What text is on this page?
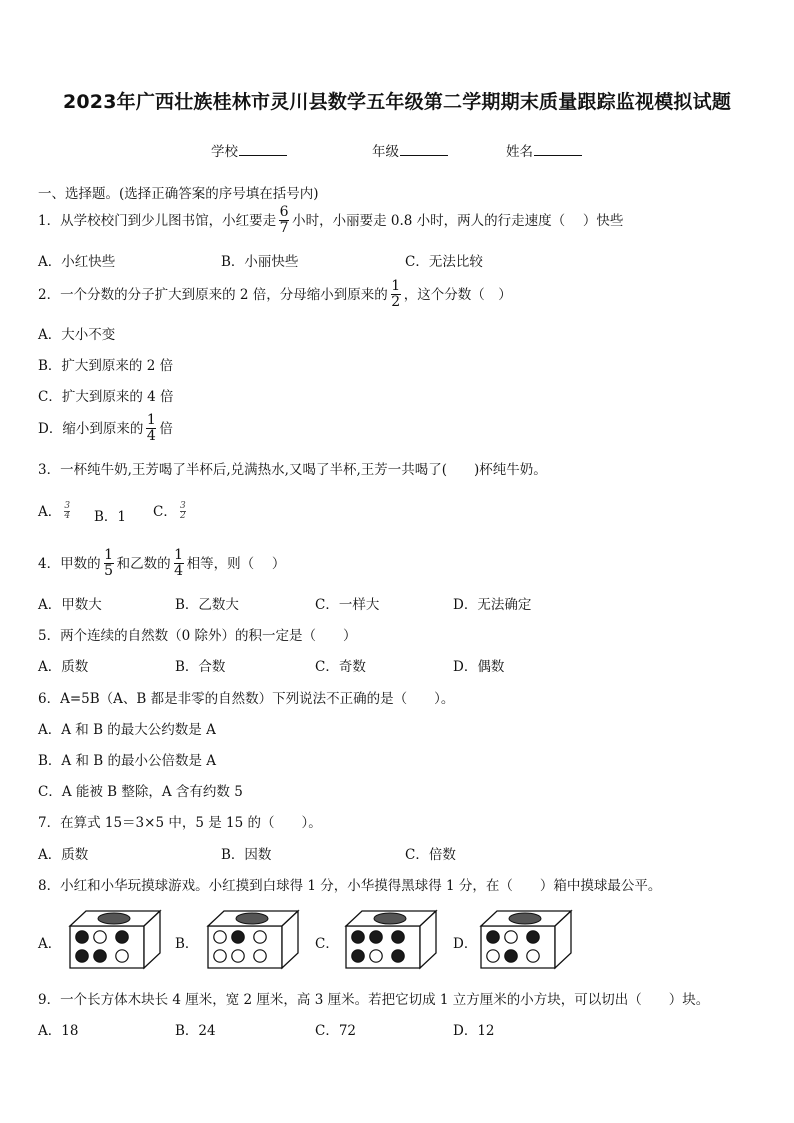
2023年广西壮族桂林市灵川县数学五年级第二学期期末质量跟踪监视模拟试题
学校	年级	姓名
一、选择题。(选择正确答案的序号填在括号内)
1．从学校校门到少儿图书馆，小红要走 $\frac{6}{7}$ 小时，小丽要走 0.8 小时，两人的行走速度（　 ）快些
A．小红快些	B．小丽快些	C．无法比较
2．一个分数的分子扩大到原来的 2 倍，分母缩小到原来的 $\frac{1}{2}$ ，这个分数（　）
A．大小不变
B．扩大到原来的 2 倍
C．扩大到原来的 4 倍
D．缩小到原来的 $\frac{1}{4}$ 倍
3．一杯纯牛奶,王芳喝了半杯后,兑满热水,又喝了半杯,王芳一共喝了(　　)杯纯牛奶。
A． $\frac{3}{4}$ B．1 C． $\frac{3}{2}$
4．甲数的 $\frac{1}{5}$ 和乙数的 $\frac{1}{4}$ 相等，则（　 ）
A．甲数大	B．乙数大	C．一样大	D．无法确定
5．两个连续的自然数（0 除外）的积一定是（　　）
A．质数	B．合数	C．奇数	D．偶数
6．A=5B（A、B 都是非零的自然数）下列说法不正确的是（　　）。
A．A 和 B 的最大公约数是 A
B．A 和 B 的最小公倍数是 A
C．A 能被 B 整除，A 含有约数 5
7．在算式 15＝3×5 中，5 是 15 的（　　）。
A．质数	B．因数	C．倍数
8．小红和小华玩摸球游戏。小红摸到白球得 1 分，小华摸得黑球得 1 分，在（　　）箱中摸球最公平。
A．	B．	C．	D．
9．一个长方体木块长 4 厘米，宽 2 厘米，高 3 厘米。若把它切成 1 立方厘米的小方块，可以切出（　　）块。
A．18	B．24	C．72	D．12
